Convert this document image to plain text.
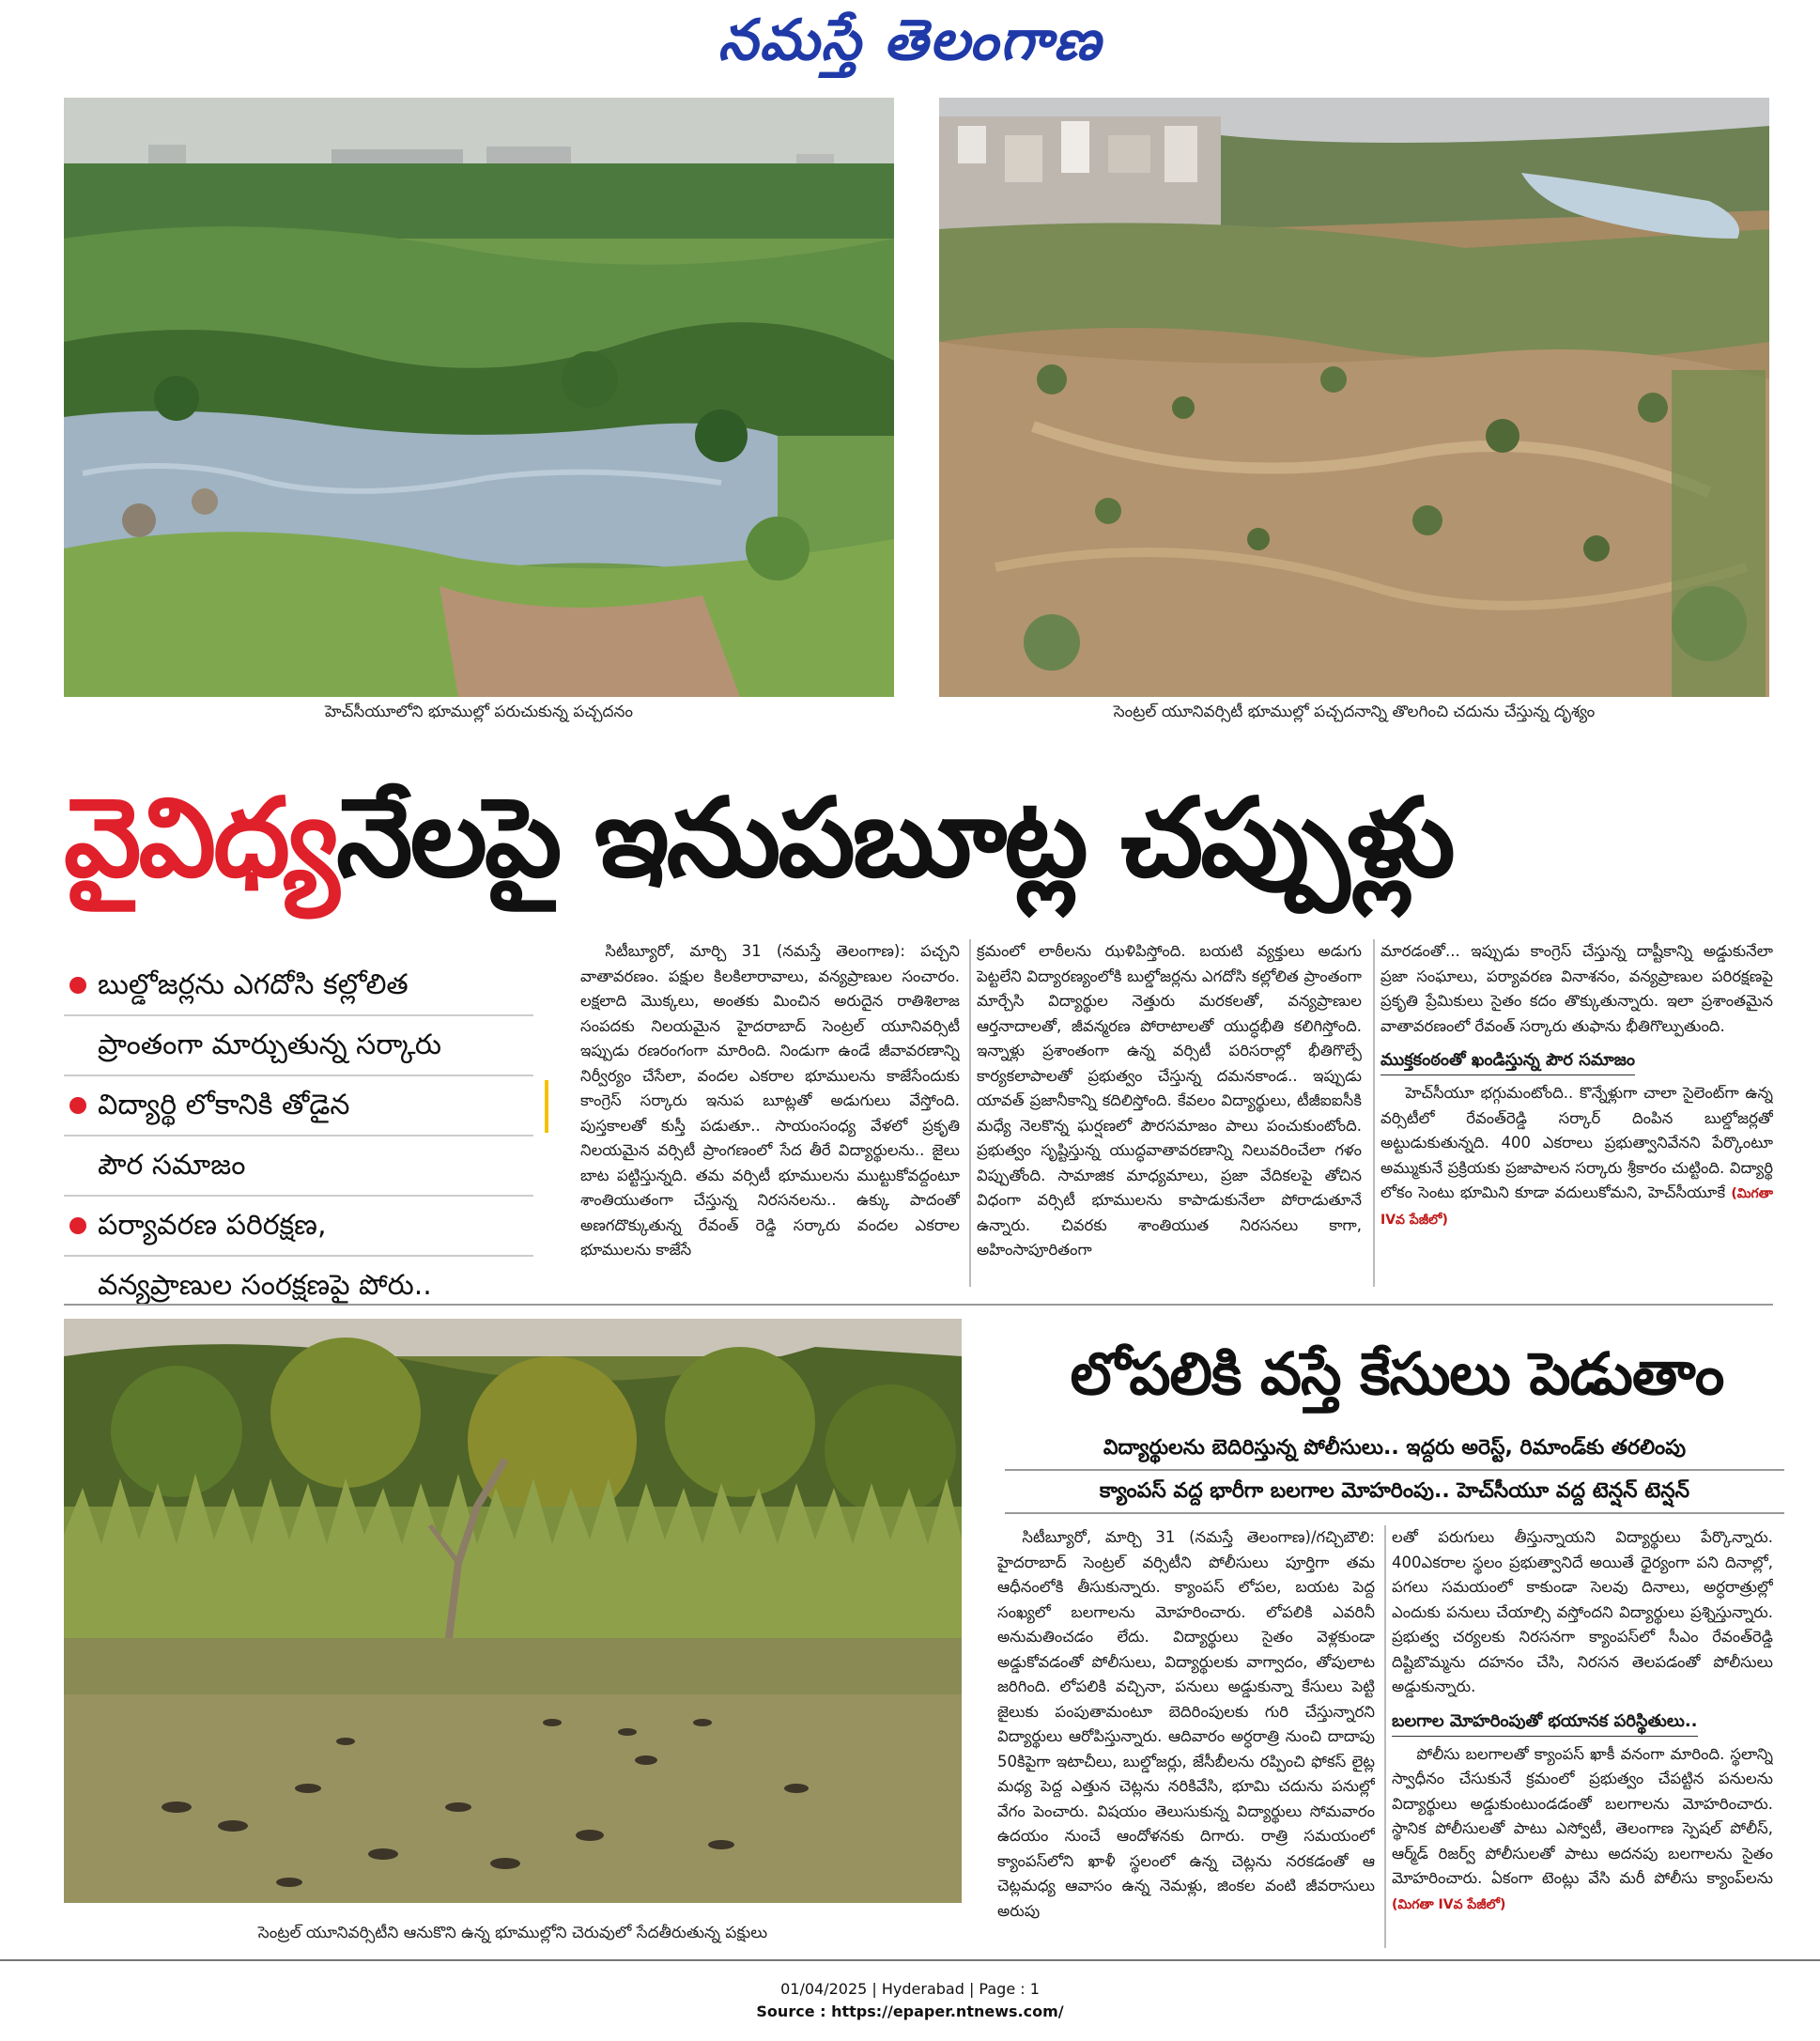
నమస్తే తెలంగాణ
హెచ్‌సీయూలోని భూముల్లో పరుచుకున్న పచ్చదనం	సెంట్రల్ యూనివర్సిటీ భూముల్లో పచ్చదనాన్ని తొలగించి చదును చేస్తున్న దృశ్యం
వైవిధ్యనేలపై ఇనుపబూట్ల చప్పుళ్లు
బుల్డోజర్లను ఎగదోసి కల్లోలిత
ప్రాంతంగా మార్చుతున్న సర్కారు
విద్యార్థి లోకానికి తోడైన
పౌర సమాజం
పర్యావరణ పరిరక్షణ,
వన్యప్రాణుల సంరక్షణపై పోరు..

సిటీబ్యూరో, మార్చి 31 (నమస్తే తెలంగాణ): పచ్చని వాతావరణం. పక్షుల కిలకిలారావాలు, వన్యప్రాణుల సంచారం. లక్షలాది మొక్కలు, అంతకు మించిన అరుదైన రాతిశిలాజ సంపదకు నిలయమైన హైదరాబాద్ సెంట్రల్ యూనివర్సిటీ ఇప్పుడు రణరంగంగా మారింది. నిండుగా ఉండే జీవావరణాన్ని నిర్వీర్యం చేసేలా, వందల ఎకరాల భూములను కాజేసేందుకు కాంగ్రెస్ సర్కారు ఇనుప బూట్లతో అడుగులు వేస్తోంది. పుస్తకాలతో కుస్తీ పడుతూ.. సాయంసంధ్య వేళలో ప్రకృతి నిలయమైన వర్సిటీ ప్రాంగణంలో సేద తీరే విద్యార్థులను.. జైలు బాట పట్టిస్తున్నది. తమ వర్సిటీ భూములను ముట్టుకోవద్దంటూ శాంతియుతంగా చేస్తున్న నిరసనలను.. ఉక్కు పాదంతో అణగదొక్కుతున్న రేవంత్ రెడ్డి సర్కారు వందల ఎకరాల భూములను కాజేసే

క్రమంలో లాఠీలను ఝళిపిస్తోంది. బయటి వ్యక్తులు అడుగు పెట్టలేని విద్యారణ్యంలోకి బుల్డోజర్లను ఎగదోసి కల్లోలిత ప్రాంతంగా మార్చేసి విద్యార్థుల నెత్తురు మరకలతో, వన్యప్రాణుల ఆర్తనాదాలతో, జీవన్మరణ పోరాటాలతో యుద్ధభీతి కలిగిస్తోంది. ఇన్నాళ్లు ప్రశాంతంగా ఉన్న వర్సిటీ పరిసరాల్లో భీతిగొల్పే కార్యకలాపాలతో ప్రభుత్వం చేస్తున్న దమనకాండ.. ఇప్పుడు యావత్ ప్రజానీకాన్ని కదిలిస్తోంది. కేవలం విద్యార్థులు, టీజీఐఐసీకి మధ్యే నెలకొన్న ఘర్షణలో పౌరసమాజం పాలు పంచుకుంటోంది. ప్రభుత్వం సృష్టిస్తున్న యుద్ధవాతావరణాన్ని నిలువరించేలా గళం విప్పుతోంది. సామాజిక మాధ్యమాలు, ప్రజా వేదికలపై తోచిన విధంగా వర్సిటీ భూములను కాపాడుకునేలా పోరాడుతూనే ఉన్నారు. చివరకు శాంతియుత నిరసనలు కాగా, అహింసాపూరితంగా

మారడంతో... ఇప్పుడు కాంగ్రెస్ చేస్తున్న దాష్టీకాన్ని అడ్డుకునేలా ప్రజా సంఘాలు, పర్యావరణ వినాశనం, వన్యప్రాణుల పరిరక్షణపై ప్రకృతి ప్రేమికులు సైతం కదం తొక్కుతున్నారు. ఇలా ప్రశాంతమైన వాతావరణంలో రేవంత్ సర్కారు తుఫాను భీతిగొల్పుతుంది.

ముక్తకంఠంతో ఖండిస్తున్న పౌర సమాజం

హెచ్‌సీయూ భగ్గుమంటోంది.. కొన్నేళ్లుగా చాలా సైలెంట్‌గా ఉన్న వర్సిటీలో రేవంత్‌రెడ్డి సర్కార్ దింపిన బుల్డోజర్లతో అట్టుడుకుతున్నది. 400 ఎకరాలు ప్రభుత్వానివేనని పేర్కొంటూ అమ్ముకునే ప్రక్రియకు ప్రజాపాలన సర్కారు శ్రీకారం చుట్టింది. విద్యార్థి లోకం సెంటు భూమిని కూడా వదులుకోమని, హెచ్‌సీయూకే (మిగతా IVవ పేజీలో)

సెంట్రల్ యూనివర్సిటీని ఆనుకొని ఉన్న భూముల్లోని చెరువులో సేదతీరుతున్న పక్షులు
లోపలికి వస్తే కేసులు పెడుతాం
విద్యార్థులను బెదిరిస్తున్న పోలీసులు.. ఇద్దరు అరెస్ట్, రిమాండ్‌కు తరలింపు
క్యాంపస్ వద్ద భారీగా బలగాల మోహరింపు.. హెచ్‌సీయూ వద్ద టెన్షన్ టెన్షన్

సిటీబ్యూరో, మార్చి 31 (నమస్తే తెలంగాణ)/గచ్చిబౌలి: హైదరాబాద్ సెంట్రల్ వర్సిటీని పోలీసులు పూర్తిగా తమ ఆధీనంలోకి తీసుకున్నారు. క్యాంపస్ లోపల, బయట పెద్ద సంఖ్యలో బలగాలను మోహరించారు. లోపలికి ఎవరినీ అనుమతించడం లేదు. విద్యార్థులు సైతం వెళ్లకుండా అడ్డుకోవడంతో పోలీసులు, విద్యార్థులకు వాగ్వాదం, తోపులాట జరిగింది. లోపలికి వచ్చినా, పనులు అడ్డుకున్నా కేసులు పెట్టి జైలుకు పంపుతామంటూ బెదిరింపులకు గురి చేస్తున్నారని విద్యార్థులు ఆరోపిస్తున్నారు. ఆదివారం అర్ధరాత్రి నుంచి దాదాపు 50కిపైగా ఇటాచీలు, బుల్డోజర్లు, జేసీబీలను రప్పించి ఫోకస్ లైట్ల మధ్య పెద్ద ఎత్తున చెట్లను నరికివేసి, భూమి చదును పనుల్లో వేగం పెంచారు. విషయం తెలుసుకున్న విద్యార్థులు సోమవారం ఉదయం నుంచే ఆందోళనకు దిగారు. రాత్రి సమయంలో క్యాంపస్‌లోని ఖాళీ స్థలంలో ఉన్న చెట్లను నరకడంతో ఆ చెట్లమధ్య ఆవాసం ఉన్న నెమళ్లు, జింకల వంటి జీవరాసులు అరుపు

లతో పరుగులు తీస్తున్నాయని విద్యార్థులు పేర్కొన్నారు. 400ఎకరాల స్థలం ప్రభుత్వానిదే అయితే ధైర్యంగా పని దినాల్లో, పగలు సమయంలో కాకుండా సెలవు దినాలు, అర్ధరాత్రుల్లో ఎందుకు పనులు చేయాల్సి వస్తోందని విద్యార్థులు ప్రశ్నిస్తున్నారు. ప్రభుత్వ చర్యలకు నిరసనగా క్యాంపస్‌లో సీఎం రేవంత్‌రెడ్డి దిష్టిబొమ్మను దహనం చేసి, నిరసన తెలపడంతో పోలీసులు అడ్డుకున్నారు.

బలగాల మోహరింపుతో భయానక పరిస్థితులు..

పోలీసు బలగాలతో క్యాంపస్ ఖాకీ వనంగా మారింది. స్థలాన్ని స్వాధీనం చేసుకునే క్రమంలో ప్రభుత్వం చేపట్టిన పనులను విద్యార్థులు అడ్డుకుంటుండడంతో బలగాలను మోహరించారు. స్థానిక పోలీసులతో పాటు ఎస్వోటీ, తెలంగాణ స్పెషల్ పోలీస్, ఆర్మ్‌డ్ రిజర్వ్ పోలీసులతో పాటు అదనపు బలగాలను సైతం మోహరించారు. ఏకంగా టెంట్లు వేసి మరీ పోలీసు క్యాంప్‌లను (మిగతా IVవ పేజీలో)

01/04/2025 | Hyderabad | Page : 1
Source : https://epaper.ntnews.com/
